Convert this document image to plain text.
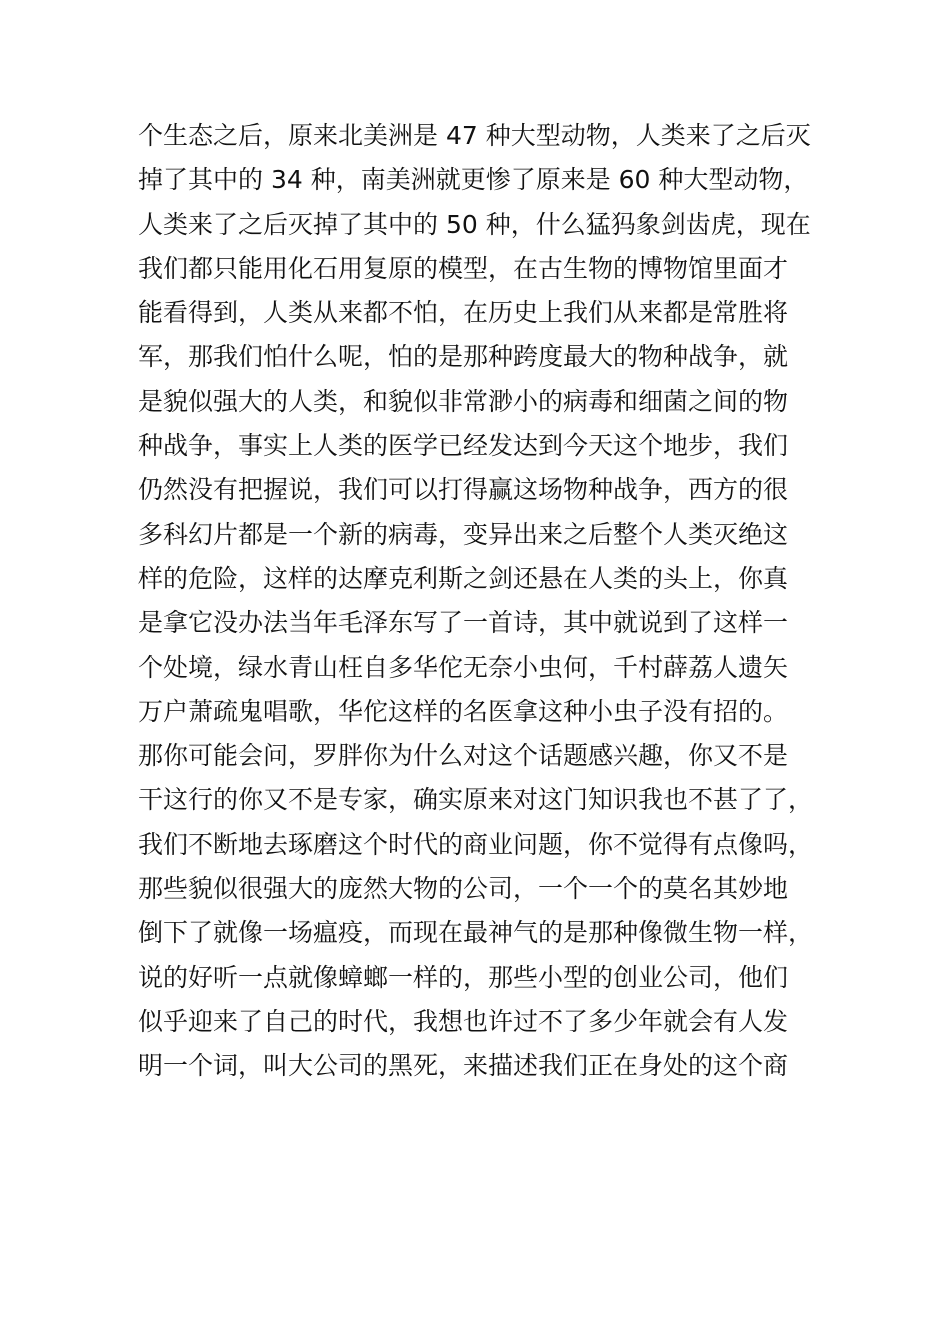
个生态之后，原来北美洲是 47 种大型动物，人类来了之后灭
掉了其中的 34 种，南美洲就更惨了原来是 60 种大型动物，
人类来了之后灭掉了其中的 50 种，什么猛犸象剑齿虎，现在
我们都只能用化石用复原的模型，在古生物的博物馆里面才
能看得到，人类从来都不怕，在历史上我们从来都是常胜将
军，那我们怕什么呢，怕的是那种跨度最大的物种战争，就
是貌似强大的人类，和貌似非常渺小的病毒和细菌之间的物
种战争，事实上人类的医学已经发达到今天这个地步，我们
仍然没有把握说，我们可以打得赢这场物种战争，西方的很
多科幻片都是一个新的病毒，变异出来之后整个人类灭绝这
样的危险，这样的达摩克利斯之剑还悬在人类的头上，你真
是拿它没办法当年毛泽东写了一首诗，其中就说到了这样一
个处境，绿水青山枉自多华佗无奈小虫何，千村薜荔人遗矢
万户萧疏鬼唱歌，华佗这样的名医拿这种小虫子没有招的。
那你可能会问，罗胖你为什么对这个话题感兴趣，你又不是
干这行的你又不是专家，确实原来对这门知识我也不甚了了，
我们不断地去琢磨这个时代的商业问题，你不觉得有点像吗，
那些貌似很强大的庞然大物的公司，一个一个的莫名其妙地
倒下了就像一场瘟疫，而现在最神气的是那种像微生物一样，
说的好听一点就像蟑螂一样的，那些小型的创业公司，他们
似乎迎来了自己的时代，我想也许过不了多少年就会有人发
明一个词，叫大公司的黑死，来描述我们正在身处的这个商
